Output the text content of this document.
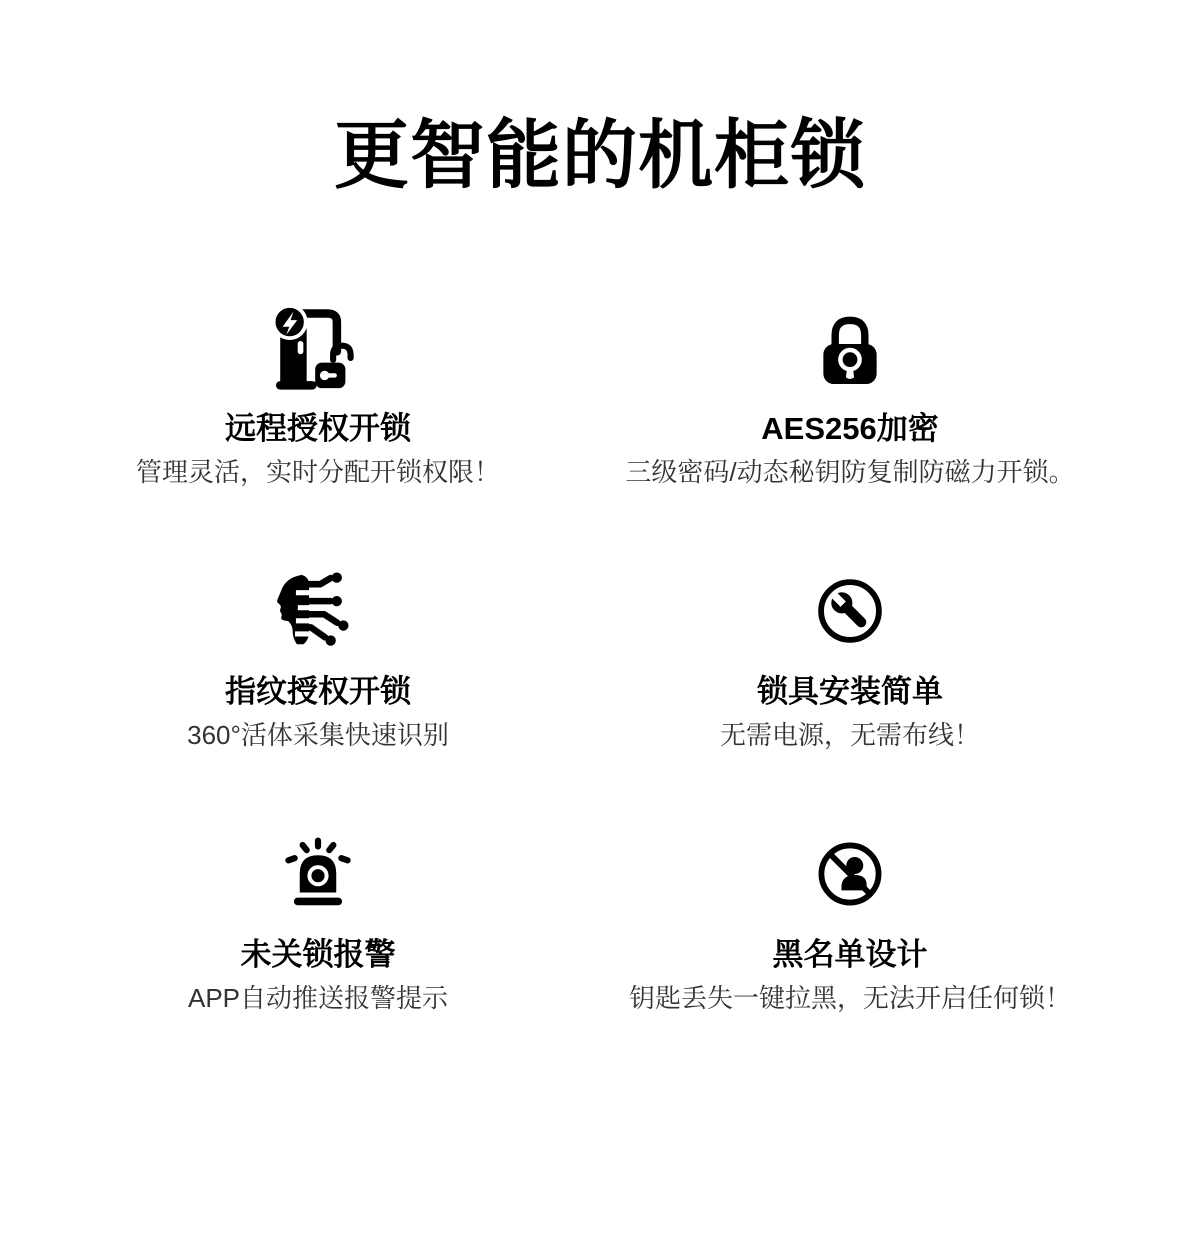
更智能的机柜锁
远程授权开锁

管理灵活，实时分配开锁权限！

AES256加密

三级密码/动态秘钥防复制防磁力开锁。

指纹授权开锁

360°活体采集快速识别

锁具安装简单

无需电源，无需布线！

未关锁报警

APP自动推送报警提示

黑名单设计

钥匙丢失一键拉黑，无法开启任何锁！
